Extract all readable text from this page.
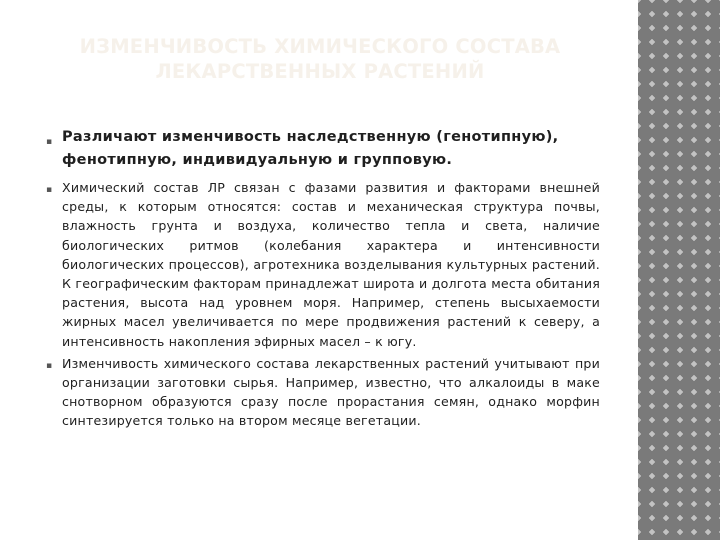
ИЗМЕНЧИВОСТЬ ХИМИЧЕСКОГО СОСТАВА ЛЕКАРСТВЕННЫХ РАСТЕНИЙ
▪ Различают изменчивость наследственную (генотипную), фенотипную, индивидуальную и групповую.
▪ Химический состав ЛР связан с фазами развития и факторами внешней среды, к которым относятся: состав и механическая структура почвы, влажность грунта и воздуха, количество тепла и света, наличие биологических ритмов (колебания характера и интенсивности биологических процессов), агротехника возделывания культурных растений. К географическим факторам принадлежат широта и долгота места обитания растения, высота над уровнем моря. Например, степень высыхаемости жирных масел увеличивается по мере продвижения растений к северу, а интенсивность накопления эфирных масел – к югу.
▪ Изменчивость химического состава лекарственных растений учитывают при организации заготовки сырья. Например, известно, что алкалоиды в маке снотворном образуются сразу после прорастания семян, однако морфин синтезируется только на втором месяце вегетации.
